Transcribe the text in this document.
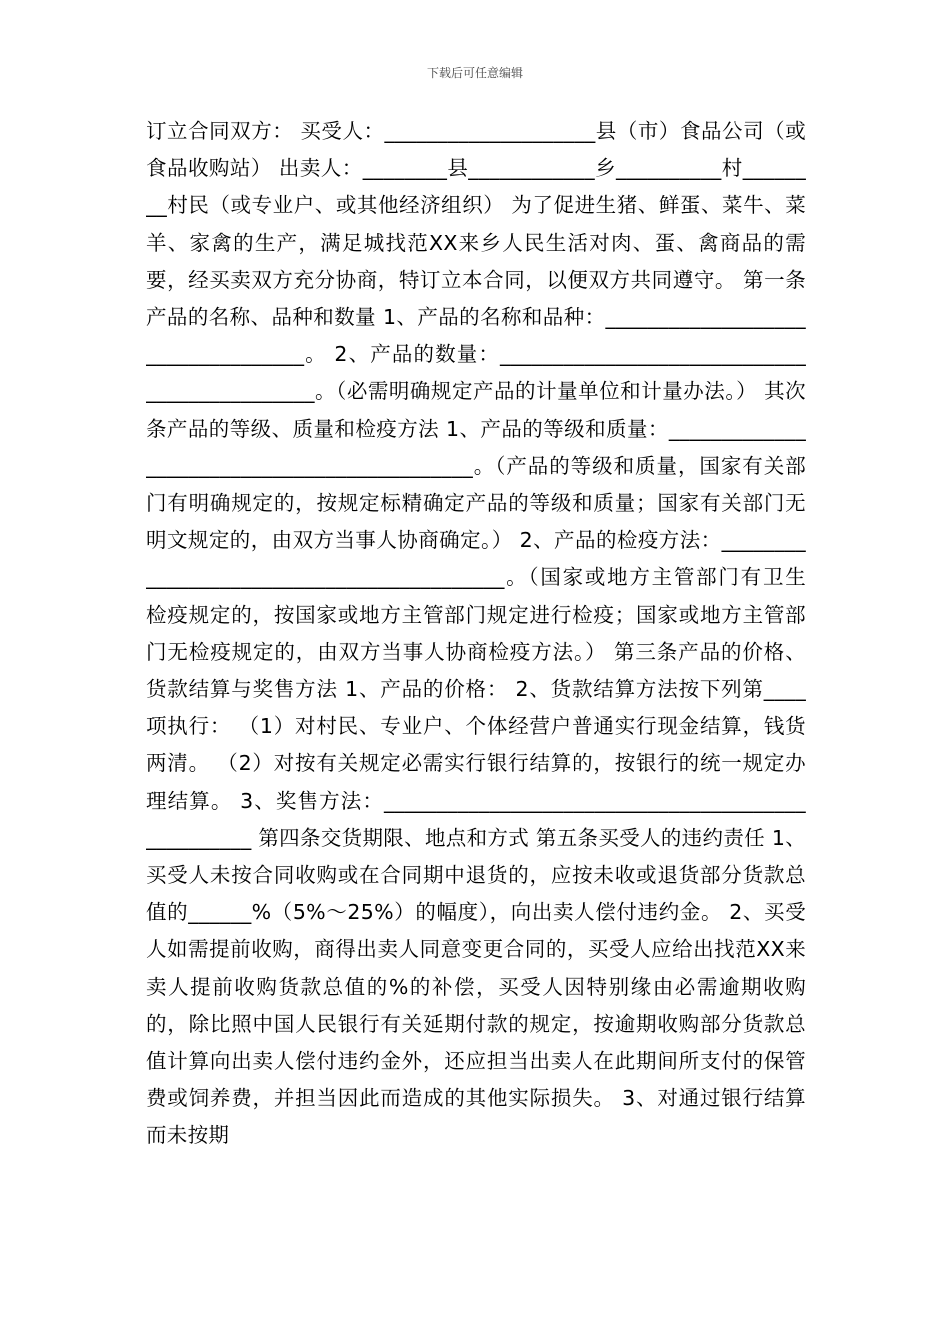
下载后可任意编辑
订立合同双方： 买受人：____________________县（市）食品公司（或食品收购站） 出卖人：________县____________乡__________村________村民（或专业户、或其他经济组织） 为了促进生猪、鲜蛋、菜牛、菜羊、家禽的生产，满足城找范XX来乡人民生活对肉、蛋、禽商品的需要，经买卖双方充分协商，特订立本合同，以便双方共同遵守。 第一条产品的名称、品种和数量 1、产品的名称和品种：__________________________________。 2、产品的数量：_____________________________________________。（必需明确规定产品的计量单位和计量办法。） 其次条产品的等级、质量和检疫方法 1、产品的等级和质量：____________________________________________。（产品的等级和质量，国家有关部门有明确规定的，按规定标精确定产品的等级和质量；国家有关部门无明文规定的，由双方当事人协商确定。） 2、产品的检疫方法：__________________________________________。（国家或地方主管部门有卫生检疫规定的，按国家或地方主管部门规定进行检疫；国家或地方主管部门无检疫规定的，由双方当事人协商检疫方法。） 第三条产品的价格、货款结算与奖售方法 1、产品的价格： 2、货款结算方法按下列第____项执行： （1）对村民、专业户、个体经营户普通实行现金结算，钱货两清。 （2）对按有关规定必需实行银行结算的，按银行的统一规定办理结算。 3、奖售方法：__________________________________________________ 第四条交货期限、地点和方式 第五条买受人的违约责任 1、买受人未按合同收购或在合同期中退货的，应按未收或退货部分货款总值的______%（5%～25%）的幅度），向出卖人偿付违约金。 2、买受人如需提前收购，商得出卖人同意变更合同的，买受人应给出找范XX来卖人提前收购货款总值的%的补偿，买受人因特别缘由必需逾期收购的，除比照中国人民银行有关延期付款的规定，按逾期收购部分货款总值计算向出卖人偿付违约金外，还应担当出卖人在此期间所支付的保管费或饲养费，并担当因此而造成的其他实际损失。 3、对通过银行结算而未按期
